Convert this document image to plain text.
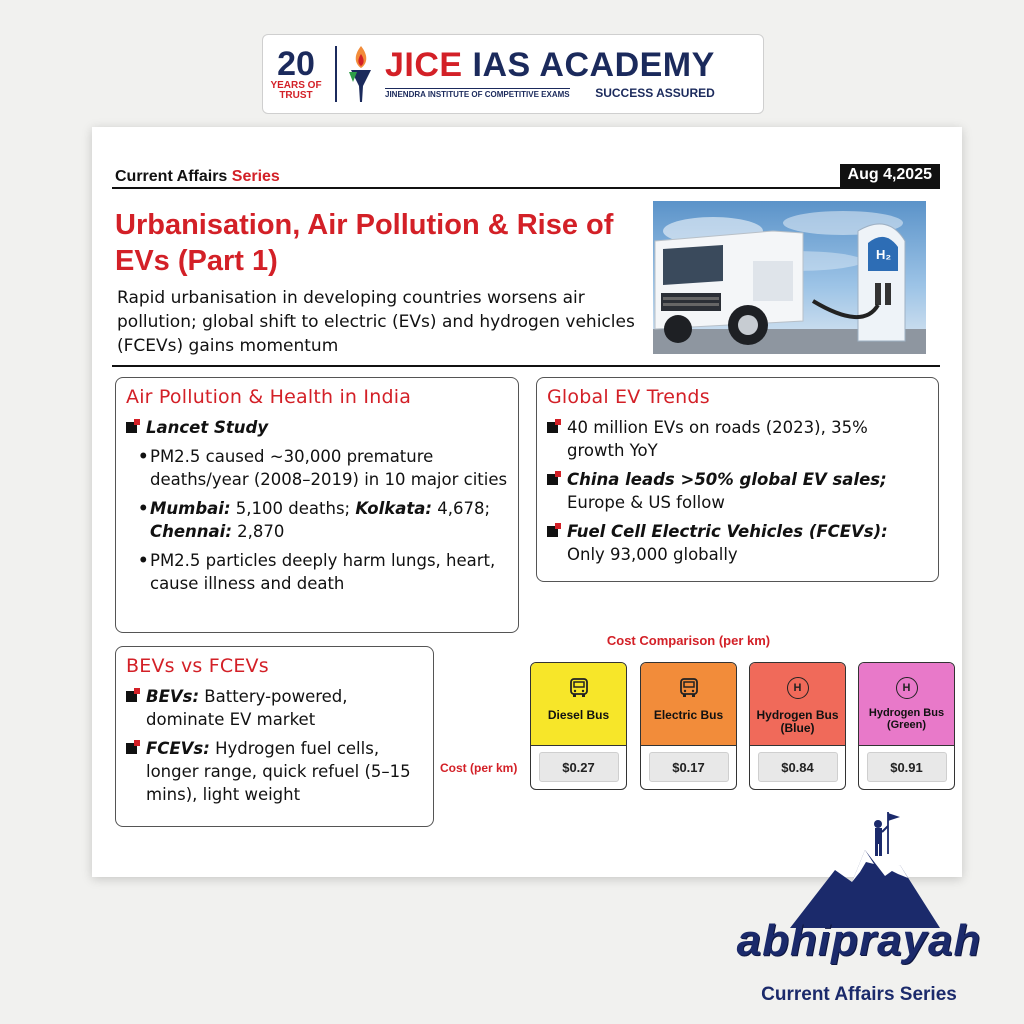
20
YEARS OF TRUST
JICE IAS ACADEMY
JINENDRA INSTITUTE OF COMPETITIVE EXAMS SUCCESS ASSURED
Current Affairs Series	Aug 4,2025
Urbanisation, Air Pollution & Rise of EVs (Part 1)
Rapid urbanisation in developing countries worsens air pollution; global shift to electric (EVs) and hydrogen vehicles (FCEVs) gains momentum
H₂
Air Pollution & Health in India
Lancet Study
• PM2.5 caused ~30,000 premature deaths/year (2008–2019) in 10 major cities
• Mumbai: 5,100 deaths; Kolkata: 4,678; Chennai: 2,870
• PM2.5 particles deeply harm lungs, heart, cause illness and death
Global EV Trends
40 million EVs on roads (2023), 35% growth YoY
China leads >50% global EV sales; Europe & US follow
Fuel Cell Electric Vehicles (FCEVs): Only 93,000 globally
BEVs vs FCEVs
BEVs: Battery-powered, dominate EV market
FCEVs: Hydrogen fuel cells, longer range, quick refuel (5–15 mins), light weight
Cost Comparison (per km)
Cost (per km)
Diesel Bus
$0.27
Electric Bus
$0.17
H
Hydrogen Bus (Blue)
$0.84
H
Hydrogen Bus (Green)
$0.91
abhiprayah
Current Affairs Series
